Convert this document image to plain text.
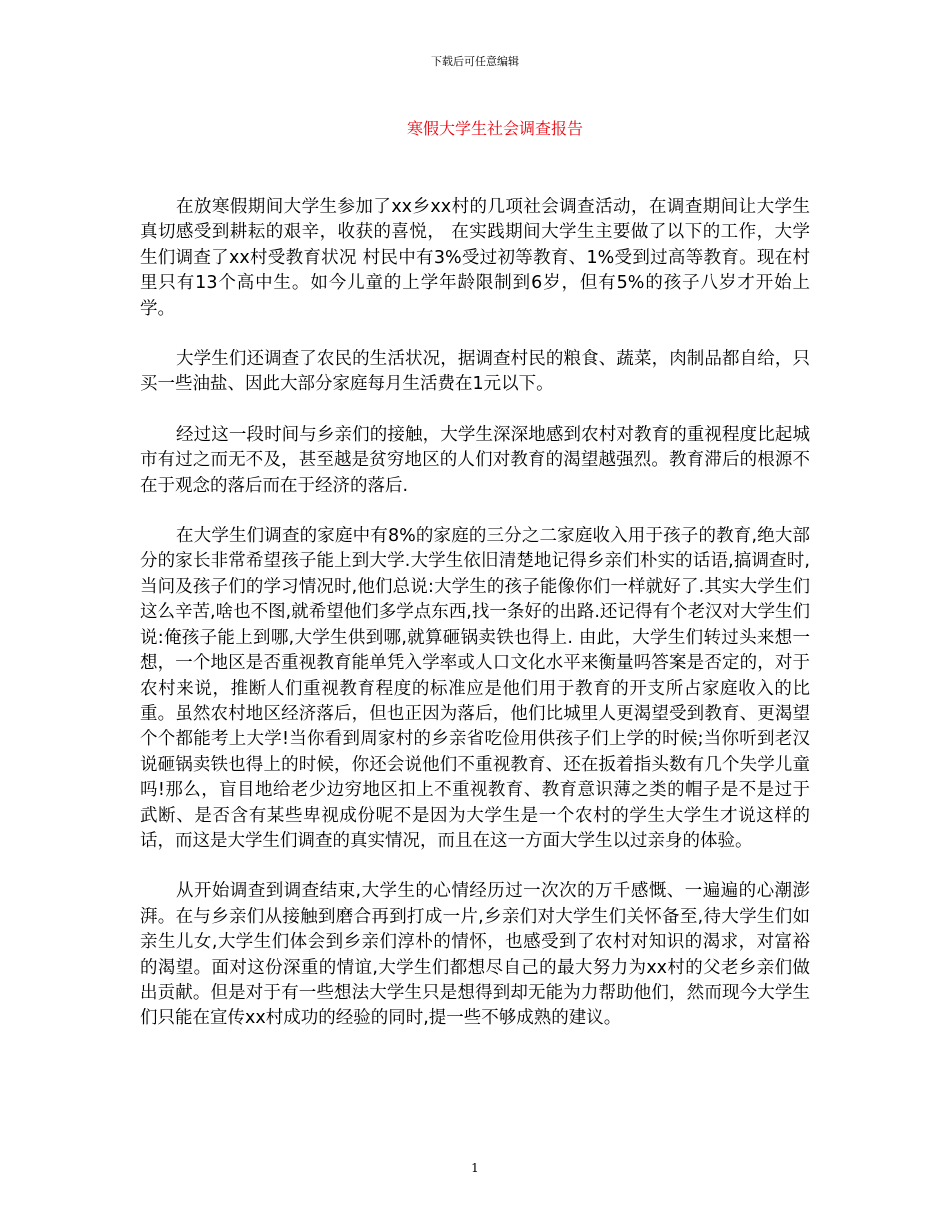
下载后可任意编辑
寒假大学生社会调查报告

在放寒假期间大学生参加了xx乡xx村的几项社会调查活动，在调查期间让大学生真切感受到耕耘的艰辛，收获的喜悦， 在实践期间大学生主要做了以下的工作，大学生们调查了xx村受教育状况 村民中有3%受过初等教育、1%受到过高等教育。现在村里只有13个高中生。如今儿童的上学年龄限制到6岁，但有5%的孩子八岁才开始上学。

大学生们还调查了农民的生活状况，据调查村民的粮食、蔬菜，肉制品都自给，只买一些油盐、因此大部分家庭每月生活费在1元以下。

经过这一段时间与乡亲们的接触，大学生深深地感到农村对教育的重视程度比起城市有过之而无不及，甚至越是贫穷地区的人们对教育的渴望越强烈。教育滞后的根源不在于观念的落后而在于经济的落后.

在大学生们调查的家庭中有8%的家庭的三分之二家庭收入用于孩子的教育,绝大部分的家长非常希望孩子能上到大学.大学生依旧清楚地记得乡亲们朴实的话语,搞调查时,当问及孩子们的学习情况时,他们总说:大学生的孩子能像你们一样就好了.其实大学生们这么辛苦,啥也不图,就希望他们多学点东西,找一条好的出路.还记得有个老汉对大学生们说:俺孩子能上到哪,大学生供到哪,就算砸锅卖铁也得上. 由此，大学生们转过头来想一想，一个地区是否重视教育能单凭入学率或人口文化水平来衡量吗答案是否定的，对于农村来说，推断人们重视教育程度的标准应是他们用于教育的开支所占家庭收入的比重。虽然农村地区经济落后，但也正因为落后，他们比城里人更渴望受到教育、更渴望个个都能考上大学!当你看到周家村的乡亲省吃俭用供孩子们上学的时候;当你听到老汉说砸锅卖铁也得上的时候，你还会说他们不重视教育、还在扳着指头数有几个失学儿童吗!那么，盲目地给老少边穷地区扣上不重视教育、教育意识薄之类的帽子是不是过于武断、是否含有某些卑视成份呢不是因为大学生是一个农村的学生大学生才说这样的话，而这是大学生们调查的真实情况，而且在这一方面大学生以过亲身的体验。

从开始调查到调查结束,大学生的心情经历过一次次的万千感慨、一遍遍的心潮澎湃。在与乡亲们从接触到磨合再到打成一片,乡亲们对大学生们关怀备至,待大学生们如亲生儿女,大学生们体会到乡亲们淳朴的情怀，也感受到了农村对知识的渴求，对富裕的渴望。面对这份深重的情谊,大学生们都想尽自己的最大努力为xx村的父老乡亲们做出贡献。但是对于有一些想法大学生只是想得到却无能为力帮助他们，然而现今大学生们只能在宣传xx村成功的经验的同时,提一些不够成熟的建议。

1
